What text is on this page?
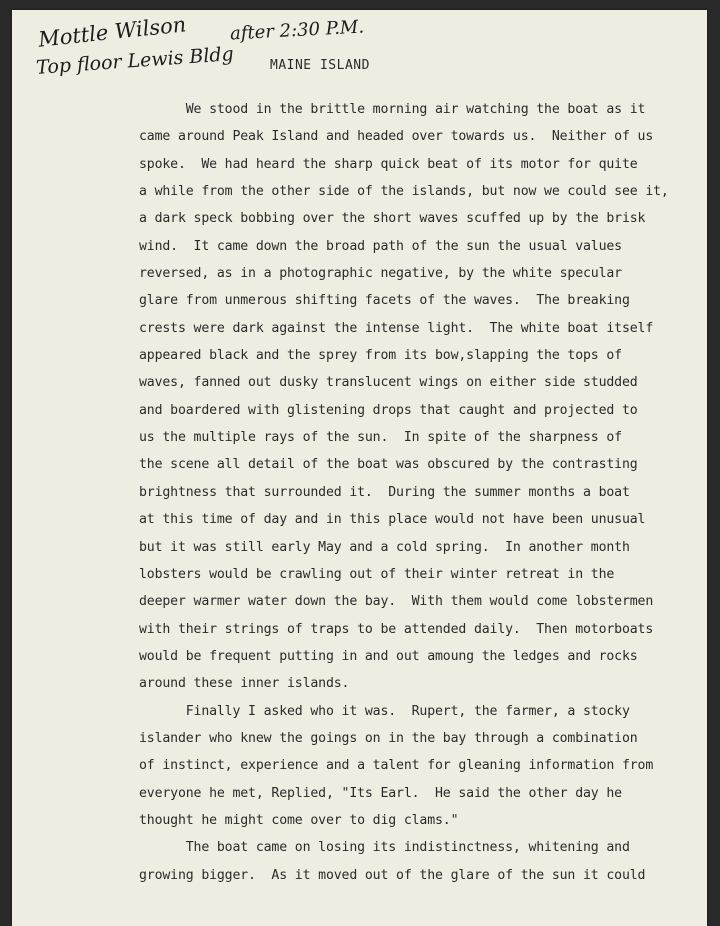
Mottle Wilson
Top floor Lewis Bldg
after 2:30 P.M.
MAINE ISLAND
We stood in the brittle morning air watching the boat as it
came around Peak Island and headed over towards us.  Neither of us
spoke.  We had heard the sharp quick beat of its motor for quite
a while from the other side of the islands, but now we could see it,
a dark speck bobbing over the short waves scuffed up by the brisk
wind.  It came down the broad path of the sun the usual values
reversed, as in a photographic negative, by the white specular
glare from unmerous shifting facets of the waves.  The breaking
crests were dark against the intense light.  The white boat itself
appeared black and the sprey from its bow,slapping the tops of
waves, fanned out dusky translucent wings on either side studded
and boardered with glistening drops that caught and projected to
us the multiple rays of the sun.  In spite of the sharpness of
the scene all detail of the boat was obscured by the contrasting
brightness that surrounded it.  During the summer months a boat
at this time of day and in this place would not have been unusual
but it was still early May and a cold spring.  In another month
lobsters would be crawling out of their winter retreat in the
deeper warmer water down the bay.  With them would come lobstermen
with their strings of traps to be attended daily.  Then motorboats
would be frequent putting in and out amoung the ledges and rocks
around these inner islands.
Finally I asked who it was.  Rupert, the farmer, a stocky
islander who knew the goings on in the bay through a combination
of instinct, experience and a talent for gleaning information from
everyone he met, Replied, "Its Earl.  He said the other day he
thought he might come over to dig clams."
The boat came on losing its indistinctness, whitening and
growing bigger.  As it moved out of the glare of the sun it could
